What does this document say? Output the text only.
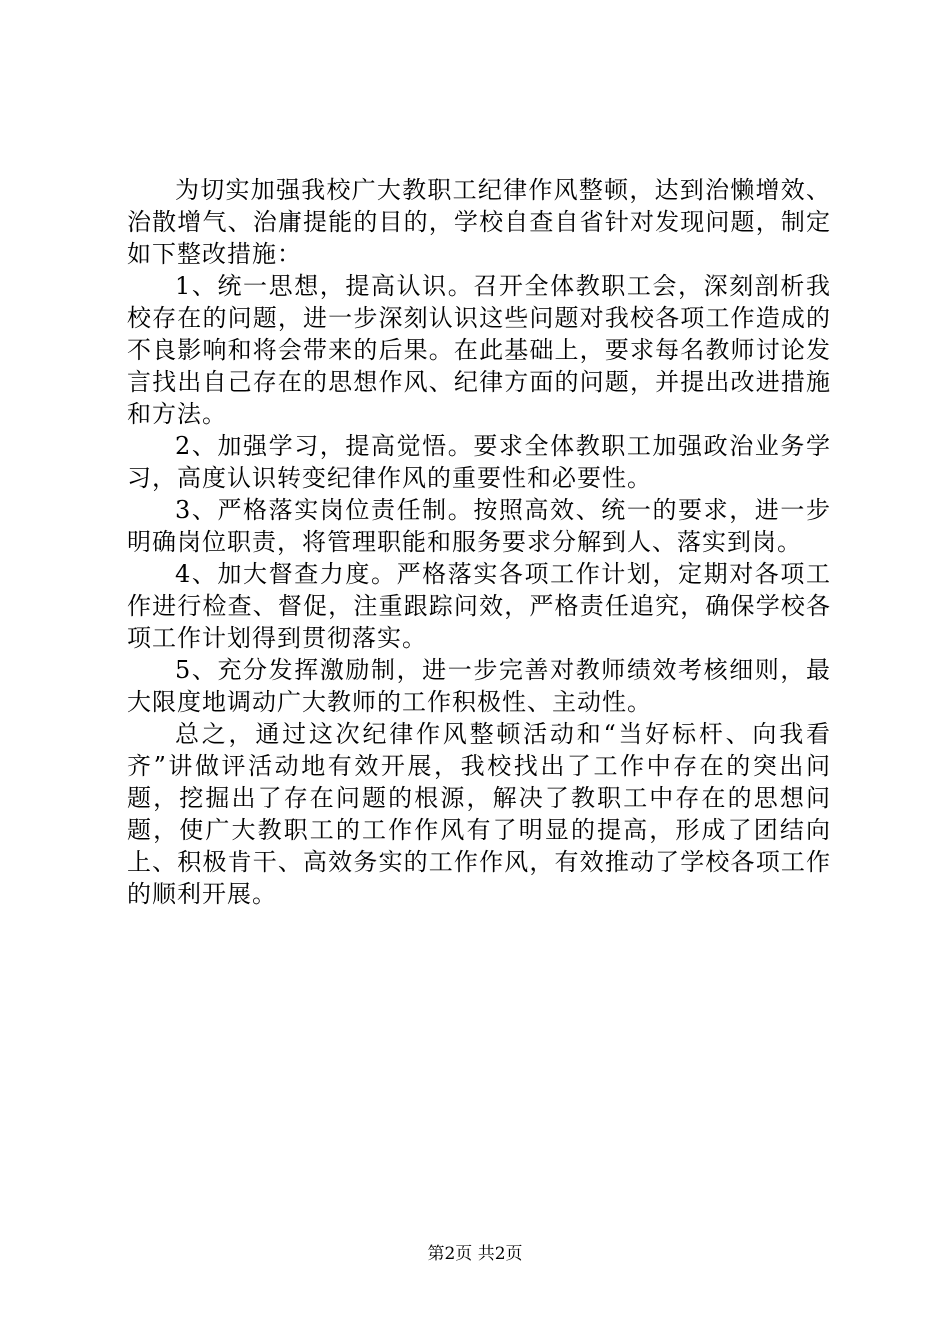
为切实加强我校广大教职工纪律作风整顿，达到治懒增效、治散增气、治庸提能的目的，学校自查自省针对发现问题，制定如下整改措施：

1、统一思想，提高认识。召开全体教职工会，深刻剖析我校存在的问题，进一步深刻认识这些问题对我校各项工作造成的不良影响和将会带来的后果。在此基础上，要求每名教师讨论发言找出自己存在的思想作风、纪律方面的问题，并提出改进措施和方法。

2、加强学习，提高觉悟。要求全体教职工加强政治业务学习，高度认识转变纪律作风的重要性和必要性。

3、严格落实岗位责任制。按照高效、统一的要求，进一步明确岗位职责，将管理职能和服务要求分解到人、落实到岗。

4、加大督查力度。严格落实各项工作计划，定期对各项工作进行检查、督促，注重跟踪问效，严格责任追究，确保学校各项工作计划得到贯彻落实。

5、充分发挥激励制，进一步完善对教师绩效考核细则，最大限度地调动广大教师的工作积极性、主动性。

总之，通过这次纪律作风整顿活动和“当好标杆、向我看齐”讲做评活动地有效开展，我校找出了工作中存在的突出问题，挖掘出了存在问题的根源，解决了教职工中存在的思想问题，使广大教职工的工作作风有了明显的提高，形成了团结向上、积极肯干、高效务实的工作作风，有效推动了学校各项工作的顺利开展。

第2页 共2页
